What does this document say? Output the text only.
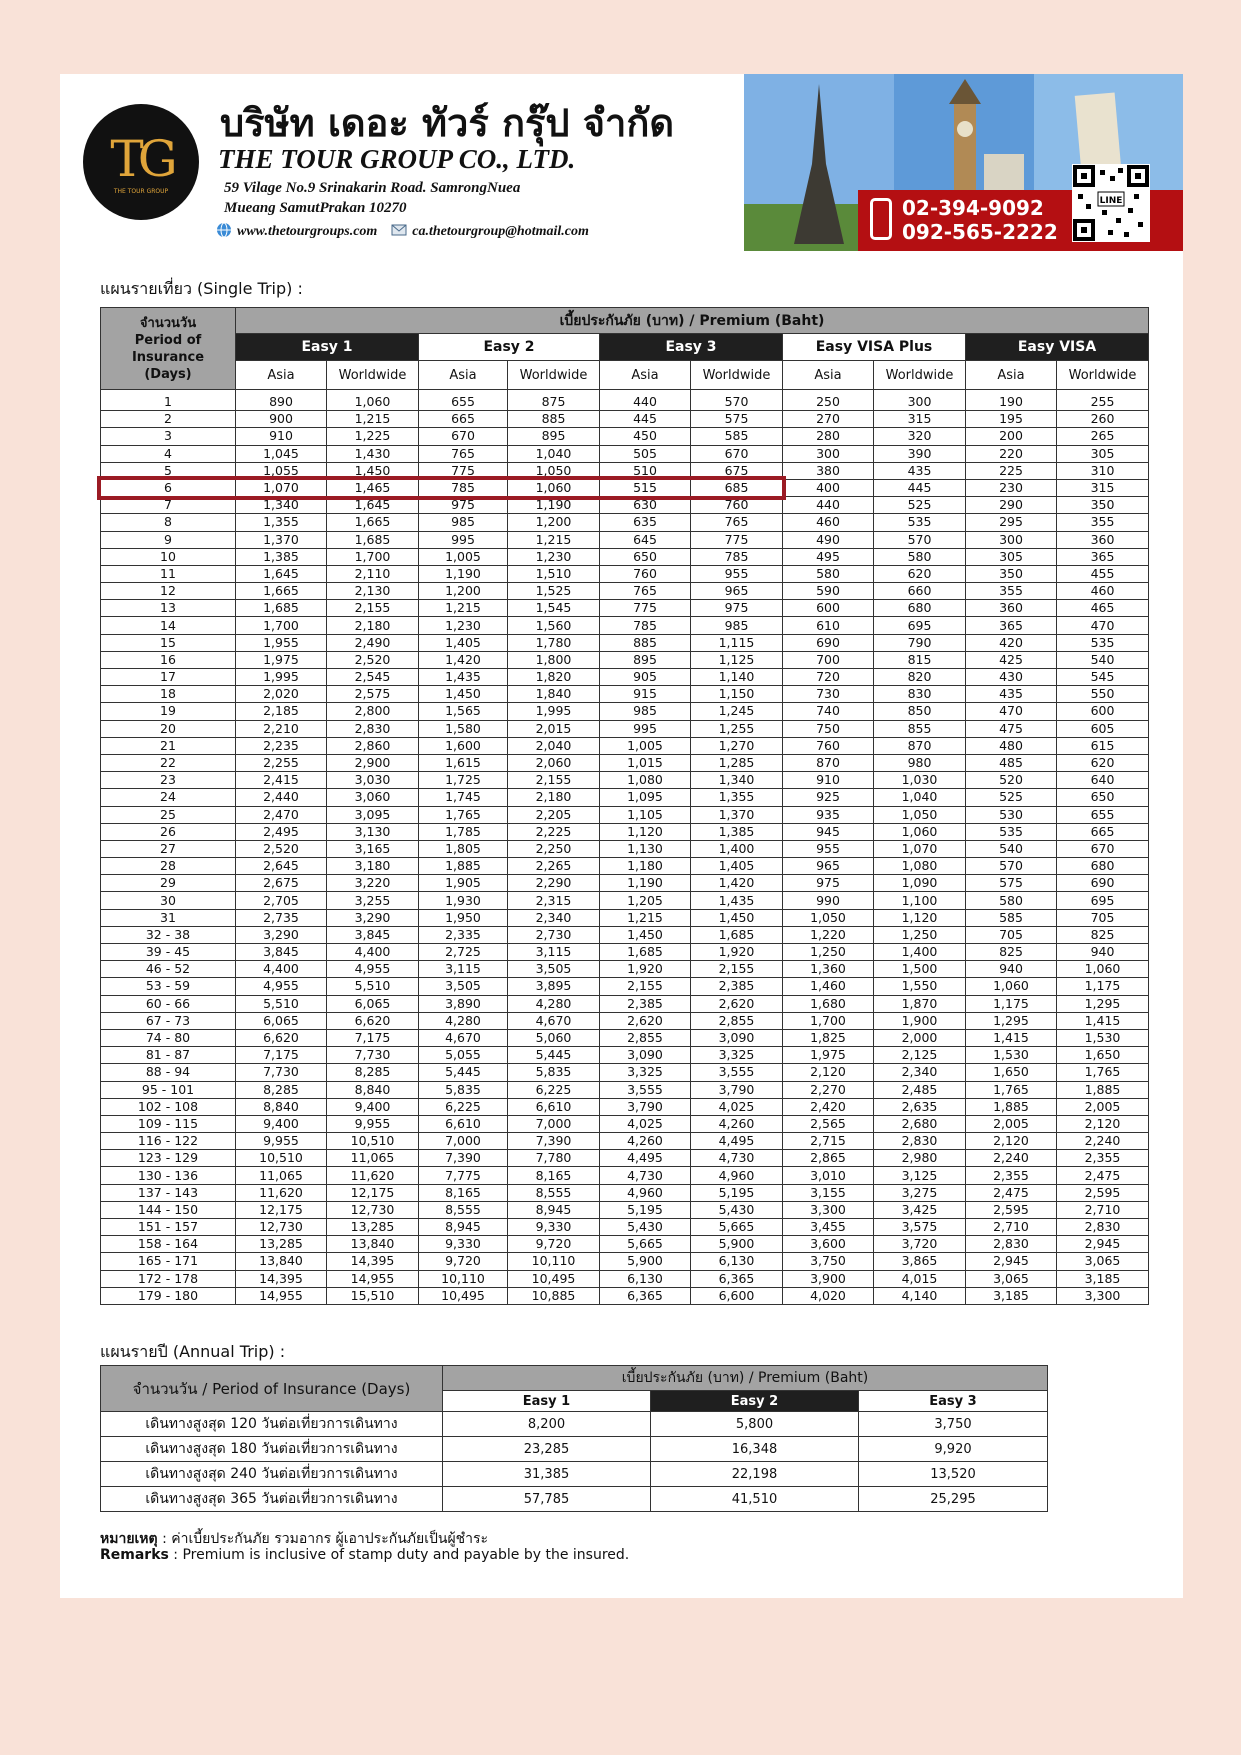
TG
THE TOUR GROUP
บริษัท เดอะ ทัวร์ กรุ๊ป จำกัด
THE TOUR GROUP CO., LTD.
59 Vilage No.9 Srinakarin Road. SamrongNuea
Mueang SamutPrakan 10270
www.thetourgroups.com	ca.thetourgroup@hotmail.com
02-394-9092
092-565-2222
LINE
แผนรายเที่ยว (Single Trip) :
จำนวนวัน
Period of Insurance (Days)	เบี้ยประกันภัย (บาท) / Premium (Baht)									
	Easy 1		Easy 2		Easy 3		Easy VISA Plus		Easy VISA	
	Asia	Worldwide	Asia	Worldwide	Asia	Worldwide	Asia	Worldwide	Asia	Worldwide
1	890	1,060	655	875	440	570	250	300	190	255
2	900	1,215	665	885	445	575	270	315	195	260
3	910	1,225	670	895	450	585	280	320	200	265
4	1,045	1,430	765	1,040	505	670	300	390	220	305
5	1,055	1,450	775	1,050	510	675	380	435	225	310
6	1,070	1,465	785	1,060	515	685	400	445	230	315
7	1,340	1,645	975	1,190	630	760	440	525	290	350
8	1,355	1,665	985	1,200	635	765	460	535	295	355
9	1,370	1,685	995	1,215	645	775	490	570	300	360
10	1,385	1,700	1,005	1,230	650	785	495	580	305	365
11	1,645	2,110	1,190	1,510	760	955	580	620	350	455
12	1,665	2,130	1,200	1,525	765	965	590	660	355	460
13	1,685	2,155	1,215	1,545	775	975	600	680	360	465
14	1,700	2,180	1,230	1,560	785	985	610	695	365	470
15	1,955	2,490	1,405	1,780	885	1,115	690	790	420	535
16	1,975	2,520	1,420	1,800	895	1,125	700	815	425	540
17	1,995	2,545	1,435	1,820	905	1,140	720	820	430	545
18	2,020	2,575	1,450	1,840	915	1,150	730	830	435	550
19	2,185	2,800	1,565	1,995	985	1,245	740	850	470	600
20	2,210	2,830	1,580	2,015	995	1,255	750	855	475	605
21	2,235	2,860	1,600	2,040	1,005	1,270	760	870	480	615
22	2,255	2,900	1,615	2,060	1,015	1,285	870	980	485	620
23	2,415	3,030	1,725	2,155	1,080	1,340	910	1,030	520	640
24	2,440	3,060	1,745	2,180	1,095	1,355	925	1,040	525	650
25	2,470	3,095	1,765	2,205	1,105	1,370	935	1,050	530	655
26	2,495	3,130	1,785	2,225	1,120	1,385	945	1,060	535	665
27	2,520	3,165	1,805	2,250	1,130	1,400	955	1,070	540	670
28	2,645	3,180	1,885	2,265	1,180	1,405	965	1,080	570	680
29	2,675	3,220	1,905	2,290	1,190	1,420	975	1,090	575	690
30	2,705	3,255	1,930	2,315	1,205	1,435	990	1,100	580	695
31	2,735	3,290	1,950	2,340	1,215	1,450	1,050	1,120	585	705
32 - 38	3,290	3,845	2,335	2,730	1,450	1,685	1,220	1,250	705	825
39 - 45	3,845	4,400	2,725	3,115	1,685	1,920	1,250	1,400	825	940
46 - 52	4,400	4,955	3,115	3,505	1,920	2,155	1,360	1,500	940	1,060
53 - 59	4,955	5,510	3,505	3,895	2,155	2,385	1,460	1,550	1,060	1,175
60 - 66	5,510	6,065	3,890	4,280	2,385	2,620	1,680	1,870	1,175	1,295
67 - 73	6,065	6,620	4,280	4,670	2,620	2,855	1,700	1,900	1,295	1,415
74 - 80	6,620	7,175	4,670	5,060	2,855	3,090	1,825	2,000	1,415	1,530
81 - 87	7,175	7,730	5,055	5,445	3,090	3,325	1,975	2,125	1,530	1,650
88 - 94	7,730	8,285	5,445	5,835	3,325	3,555	2,120	2,340	1,650	1,765
95 - 101	8,285	8,840	5,835	6,225	3,555	3,790	2,270	2,485	1,765	1,885
102 - 108	8,840	9,400	6,225	6,610	3,790	4,025	2,420	2,635	1,885	2,005
109 - 115	9,400	9,955	6,610	7,000	4,025	4,260	2,565	2,680	2,005	2,120
116 - 122	9,955	10,510	7,000	7,390	4,260	4,495	2,715	2,830	2,120	2,240
123 - 129	10,510	11,065	7,390	7,780	4,495	4,730	2,865	2,980	2,240	2,355
130 - 136	11,065	11,620	7,775	8,165	4,730	4,960	3,010	3,125	2,355	2,475
137 - 143	11,620	12,175	8,165	8,555	4,960	5,195	3,155	3,275	2,475	2,595
144 - 150	12,175	12,730	8,555	8,945	5,195	5,430	3,300	3,425	2,595	2,710
151 - 157	12,730	13,285	8,945	9,330	5,430	5,665	3,455	3,575	2,710	2,830
158 - 164	13,285	13,840	9,330	9,720	5,665	5,900	3,600	3,720	2,830	2,945
165 - 171	13,840	14,395	9,720	10,110	5,900	6,130	3,750	3,865	2,945	3,065
172 - 178	14,395	14,955	10,110	10,495	6,130	6,365	3,900	4,015	3,065	3,185
179 - 180	14,955	15,510	10,495	10,885	6,365	6,600	4,020	4,140	3,185	3,300
แผนรายปี (Annual Trip) :
จำนวนวัน / Period of Insurance (Days)	เบี้ยประกันภัย (บาท) / Premium (Baht)		
	Easy 1	Easy 2	Easy 3
เดินทางสูงสุด 120 วันต่อเที่ยวการเดินทาง	8,200	5,800	3,750
เดินทางสูงสุด 180 วันต่อเที่ยวการเดินทาง	23,285	16,348	9,920
เดินทางสูงสุด 240 วันต่อเที่ยวการเดินทาง	31,385	22,198	13,520
เดินทางสูงสุด 365 วันต่อเที่ยวการเดินทาง	57,785	41,510	25,295
หมายเหตุ : ค่าเบี้ยประกันภัย รวมอากร ผู้เอาประกันภัยเป็นผู้ชำระ
Remarks : Premium is inclusive of stamp duty and payable by the insured.
